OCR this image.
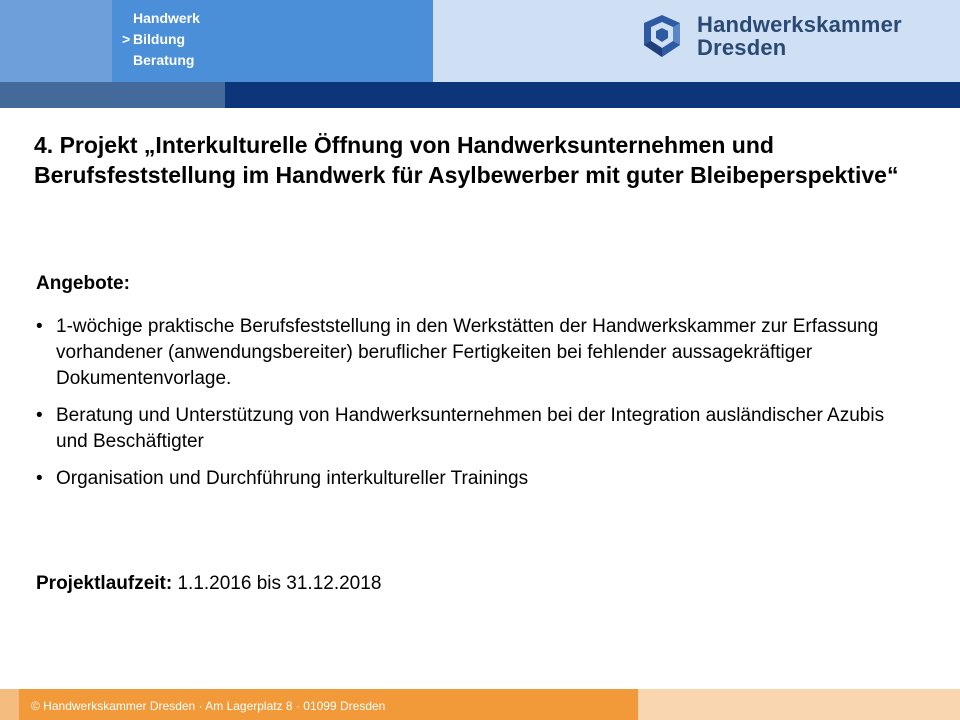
Handwerk
> Bildung
Beratung
Handwerkskammer
Dresden
4. Projekt „Interkulturelle Öffnung von Handwerksunternehmen und Berufsfeststellung im Handwerk für Asylbewerber mit guter Bleibeperspektive“

Angebote:

• 1-wöchige praktische Berufsfeststellung in den Werkstätten der Handwerkskammer zur Erfassung vorhandener (anwendungsbereiter) beruflicher Fertigkeiten bei fehlender aussagekräftiger Dokumentenvorlage.
• Beratung und Unterstützung von Handwerksunternehmen bei der Integration ausländischer Azubis und Beschäftigter
• Organisation und Durchführung interkultureller Trainings

Projektlaufzeit: 1.1.2016 bis 31.12.2018

© Handwerkskammer Dresden · Am Lagerplatz 8 · 01099 Dresden
